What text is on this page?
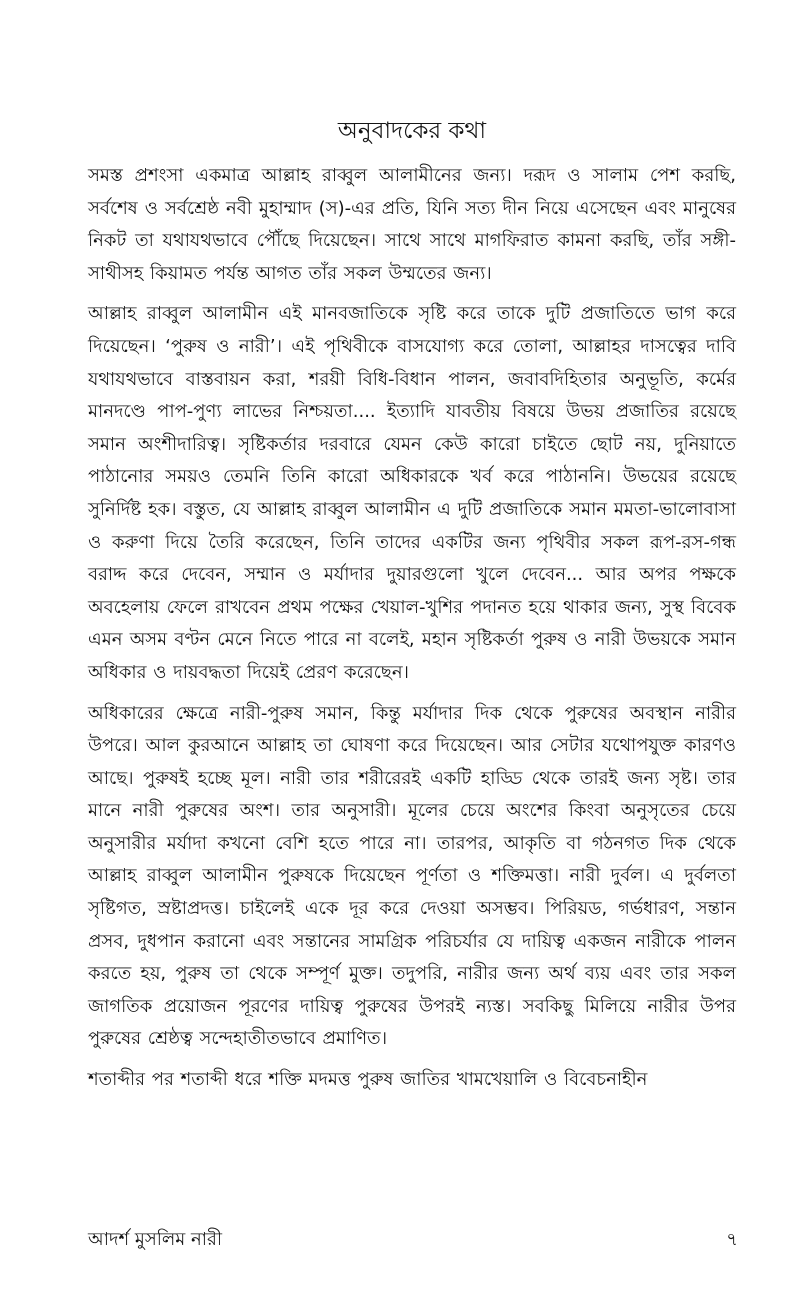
অনুবাদকের কথা

সমস্ত প্রশংসা একমাত্র আল্লাহ রাব্বুল আলামীনের জন্য। দরূদ ও সালাম পেশ করছি, সর্বশেষ ও সর্বশ্রেষ্ঠ নবী মুহাম্মাদ (স)-এর প্রতি, যিনি সত্য দীন নিয়ে এসেছেন এবং মানুষের নিকট তা যথাযথভাবে পৌঁছে দিয়েছেন। সাথে সাথে মাগফিরাত কামনা করছি, তাঁর সঙ্গী-সাথীসহ কিয়ামত পর্যন্ত আগত তাঁর সকল উম্মতের জন্য।

আল্লাহ রাব্বুল আলামীন এই মানবজাতিকে সৃষ্টি করে তাকে দুটি প্রজাতিতে ভাগ করে দিয়েছেন। ‘পুরুষ ও নারী’। এই পৃথিবীকে বাসযোগ্য করে তোলা, আল্লাহর দাসত্বের দাবি যথাযথভাবে বাস্তবায়ন করা, শরয়ী বিধি-বিধান পালন, জবাবদিহিতার অনুভূতি, কর্মের মানদণ্ডে পাপ-পুণ্য লাভের নিশ্চয়তা.... ইত্যাদি যাবতীয় বিষয়ে উভয় প্রজাতির রয়েছে সমান অংশীদারিত্ব। সৃষ্টিকর্তার দরবারে যেমন কেউ কারো চাইতে ছোট নয়, দুনিয়াতে পাঠানোর সময়ও তেমনি তিনি কারো অধিকারকে খর্ব করে পাঠাননি। উভয়ের রয়েছে সুনির্দিষ্ট হক। বস্তুত, যে আল্লাহ রাব্বুল আলামীন এ দুটি প্রজাতিকে সমান মমতা-ভালোবাসা ও করুণা দিয়ে তৈরি করেছেন, তিনি তাদের একটির জন্য পৃথিবীর সকল রূপ-রস-গন্ধ বরাদ্দ করে দেবেন, সম্মান ও মর্যাদার দুয়ারগুলো খুলে দেবেন... আর অপর পক্ষকে অবহেলায় ফেলে রাখবেন প্রথম পক্ষের খেয়াল-খুশির পদানত হয়ে থাকার জন্য, সুস্থ বিবেক এমন অসম বণ্টন মেনে নিতে পারে না বলেই, মহান সৃষ্টিকর্তা পুরুষ ও নারী উভয়কে সমান অধিকার ও দায়বদ্ধতা দিয়েই প্রেরণ করেছেন।

অধিকারের ক্ষেত্রে নারী-পুরুষ সমান, কিন্তু মর্যাদার দিক থেকে পুরুষের অবস্থান নারীর উপরে। আল কুরআনে আল্লাহ তা ঘোষণা করে দিয়েছেন। আর সেটার যথোপযুক্ত কারণও আছে। পুরুষই হচ্ছে মূল। নারী তার শরীরেরই একটি হাড্ডি থেকে তারই জন্য সৃষ্ট। তার মানে নারী পুরুষের অংশ। তার অনুসারী। মূলের চেয়ে অংশের কিংবা অনুসৃতের চেয়ে অনুসারীর মর্যাদা কখনো বেশি হতে পারে না। তারপর, আকৃতি বা গঠনগত দিক থেকে আল্লাহ রাব্বুল আলামীন পুরুষকে দিয়েছেন পূর্ণতা ও শক্তিমত্তা। নারী দুর্বল। এ দুর্বলতা সৃষ্টিগত, স্রষ্টাপ্রদত্ত। চাইলেই একে দূর করে দেওয়া অসম্ভব। পিরিয়ড, গর্ভধারণ, সন্তান প্রসব, দুধপান করানো এবং সন্তানের সামগ্রিক পরিচর্যার যে দায়িত্ব একজন নারীকে পালন করতে হয়, পুরুষ তা থেকে সম্পূর্ণ মুক্ত। তদুপরি, নারীর জন্য অর্থ ব্যয় এবং তার সকল জাগতিক প্রয়োজন পূরণের দায়িত্ব পুরুষের উপরই ন্যস্ত। সবকিছু মিলিয়ে নারীর উপর পুরুষের শ্রেষ্ঠত্ব সন্দেহাতীতভাবে প্রমাণিত।

শতাব্দীর পর শতাব্দী ধরে শক্তি মদমত্ত পুরুষ জাতির খামখেয়ালি ও বিবেচনাহীন

আদর্শ মুসলিম নারী	৭
